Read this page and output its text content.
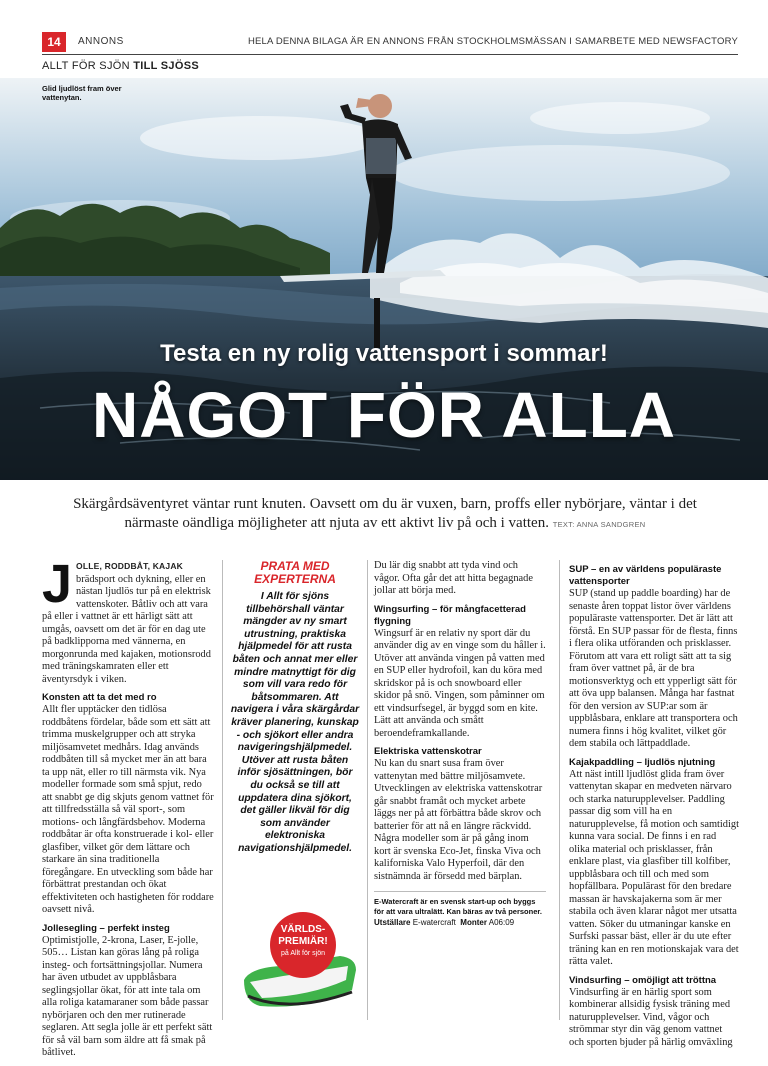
14	ANNONS	HELA DENNA BILAGA ÄR EN ANNONS FRÅN STOCKHOLMSMÄSSAN I SAMARBETE MED NEWSFACTORY
ALLT FÖR SJÖN TILL SJÖSS
Glid ljudlöst fram över vattenytan.
Testa en ny rolig vattensport i sommar!
NÅGOT FÖR ALLA
Skärgårdsäventyret väntar runt knuten. Oavsett om du är vuxen, barn, proffs eller nybörjare, väntar i det närmaste oändliga möjligheter att njuta av ett aktivt liv på och i vatten. TEXT: ANNA SANDGREN

JOLLE, RODDBÅT, KAJAK brädsport och dykning, eller en nästan ljudlös tur på en elektrisk vattenskoter. Båtliv och att vara på eller i vattnet är ett härligt sätt att umgås, oavsett om det är för en dag ute på badklipporna med vännerna, en morgonrunda med kajaken, motionsrodd med träningskamraten eller ett äventyrsdyk i viken.

Konsten att ta det med ro

Allt fler upptäcker den tidlösa roddbåtens fördelar, både som ett sätt att trimma muskelgrupper och att stryka miljösamvetet medhårs. Idag används roddbåten till så mycket mer än att bara ta upp nät, eller ro till närmsta vik. Nya modeller formade som små spjut, redo att snabbt ge dig skjuts genom vattnet för att tillfredsställa så väl sport-, som motions- och långfärdsbehov. Moderna roddbåtar är ofta konstruerade i kol- eller glasfiber, vilket gör dem lättare och starkare än sina traditionella föregångare. En utveckling som både har förbättrat prestandan och ökat effektiviteten och hastigheten för roddare oavsett nivå.

Jollesegling – perfekt insteg

Optimistjolle, 2-krona, Laser, E-jolle, 505… Listan kan göras lång på roliga insteg- och fortsättningsjollar. Numera har även utbudet av uppblåsbara seglingsjollar ökat, för att inte tala om alla roliga katamaraner som både passar nybörjaren och den mer rutinerade seglaren. Att segla jolle är ett perfekt sätt för så väl barn som äldre att få smak på båtlivet.

PRATA MED EXPERTERNA
I Allt för sjöns tillbehörshall väntar mängder av ny smart utrustning, praktiska hjälpmedel för att rusta båten och annat mer eller mindre matnyttigt för dig som vill vara redo för båtsommaren. Att navigera i våra skärgårdar kräver planering, kunskap - och sjökort eller andra navigeringshjälpmedel. Utöver att rusta båten inför sjösättningen, bör du också se till att uppdatera dina sjökort, det gäller likväl för dig som använder elektroniska navigationshjälpmedel.
VÄRLDS-PREMIÄR!
på Allt för sjön

Du lär dig snabbt att tyda vind och vågor. Ofta går det att hitta begagnade jollar att börja med.

Wingsurfing – för mångfacetterad flygning

Wingsurf är en relativ ny sport där du använder dig av en vinge som du håller i. Utöver att använda vingen på vatten med en SUP eller hydrofoil, kan du köra med skridskor på is och snowboard eller skidor på snö. Vingen, som påminner om ett vindsurfsegel, är byggd som en kite. Lätt att använda och smått beroendeframkallande.

Elektriska vattenskotrar

Nu kan du snart susa fram över vattenytan med bättre miljösamvete. Utvecklingen av elektriska vattenskotrar går snabbt framåt och mycket arbete läggs ner på att förbättra både skrov och batterier för att nå en längre räckvidd. Några modeller som är på gång inom kort är svenska Eco-Jet, finska Viva och kaliforniska Valo Hyperfoil, där den sistnämnda är försedd med bärplan.

E-Watercraft är en svensk start-up och byggs för att vara ultralätt. Kan bäras av två personer.
Utställare E-watercraft Monter A06:09
SUP – en av världens populäraste vattensporter

SUP (stand up paddle boarding) har de senaste åren toppat listor över världens populäraste vattensporter. Det är lätt att förstå. En SUP passar för de flesta, finns i flera olika utföranden och prisklasser. Förutom att vara ett roligt sätt att ta sig fram över vattnet på, är de bra motionsverktyg och ett ypperligt sätt för att öva upp balansen. Många har fastnat för den version av SUP:ar som är uppblåsbara, enklare att transportera och numera finns i hög kvalitet, vilket gör dem stabila och lättpaddlade.

Kajakpaddling – ljudlös njutning

Att näst intill ljudlöst glida fram över vattenytan skapar en medveten närvaro och starka naturupplevelser. Paddling passar dig som vill ha en naturupplevelse, få motion och samtidigt kunna vara social. De finns i en rad olika material och prisklasser, från enklare plast, via glasfiber till kolfiber, uppblåsbara och till och med som hopfällbara. Populärast för den bredare massan är havskajakerna som är mer stabila och även klarar något mer utsatta vatten. Söker du utmaningar kanske en Surfski passar bäst, eller är du ute efter träning kan en ren motionskajak vara det rätta valet.

Vindsurfing – omöjligt att tröttna

Vindsurfing är en härlig sport som kombinerar allsidig fysisk träning med naturupplevelser. Vind, vågor och strömmar styr din väg genom vattnet och sporten bjuder på härlig omväxling
